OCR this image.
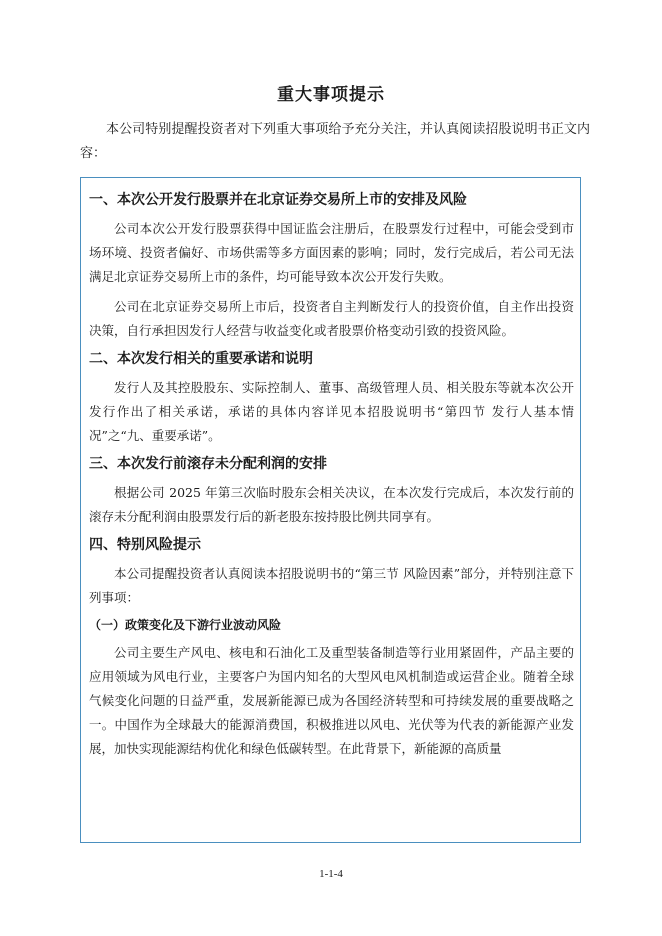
重大事项提示
本公司特别提醒投资者对下列重大事项给予充分关注，并认真阅读招股说明书正文内容：
一、本次公开发行股票并在北京证券交易所上市的安排及风险
公司本次公开发行股票获得中国证监会注册后，在股票发行过程中，可能会受到市场环境、投资者偏好、市场供需等多方面因素的影响；同时，发行完成后，若公司无法满足北京证券交易所上市的条件，均可能导致本次公开发行失败。
公司在北京证券交易所上市后，投资者自主判断发行人的投资价值，自主作出投资决策，自行承担因发行人经营与收益变化或者股票价格变动引致的投资风险。
二、本次发行相关的重要承诺和说明
发行人及其控股股东、实际控制人、董事、高级管理人员、相关股东等就本次公开发行作出了相关承诺，承诺的具体内容详见本招股说明书“第四节 发行人基本情况”之“九、重要承诺”。
三、本次发行前滚存未分配利润的安排
根据公司 2025 年第三次临时股东会相关决议，在本次发行完成后，本次发行前的滚存未分配利润由股票发行后的新老股东按持股比例共同享有。
四、特别风险提示
本公司提醒投资者认真阅读本招股说明书的“第三节 风险因素”部分，并特别注意下列事项：
（一）政策变化及下游行业波动风险
公司主要生产风电、核电和石油化工及重型装备制造等行业用紧固件，产品主要的应用领域为风电行业，主要客户为国内知名的大型风电风机制造或运营企业。随着全球气候变化问题的日益严重，发展新能源已成为各国经济转型和可持续发展的重要战略之一。中国作为全球最大的能源消费国，积极推进以风电、光伏等为代表的新能源产业发展，加快实现能源结构优化和绿色低碳转型。在此背景下，新能源的高质量
1-1-4
